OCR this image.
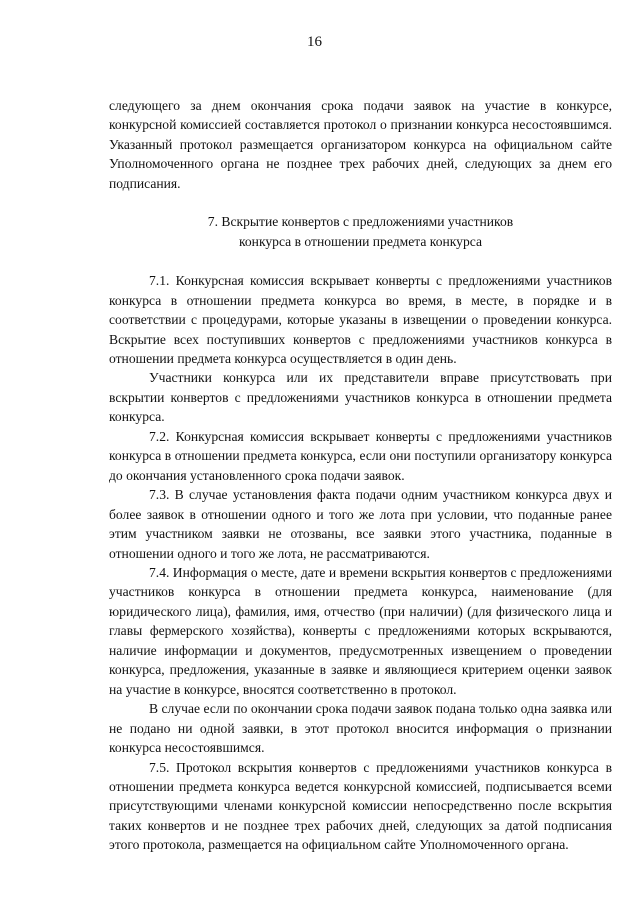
16

следующего за днем окончания срока подачи заявок на участие в конкурсе, конкурсной комиссией составляется протокол о признании конкурса несостоявшимся. Указанный протокол размещается организатором конкурса на официальном сайте Уполномоченного органа не позднее трех рабочих дней, следующих за днем его подписания.

7. Вскрытие конвертов с предложениями участников
конкурса в отношении предмета конкурса

7.1. Конкурсная комиссия вскрывает конверты с предложениями участников конкурса в отношении предмета конкурса во время, в месте, в порядке и в соответствии с процедурами, которые указаны в извещении о проведении конкурса. Вскрытие всех поступивших конвертов с предложениями участников конкурса в отношении предмета конкурса осуществляется в один день.

Участники конкурса или их представители вправе присутствовать при вскрытии конвертов с предложениями участников конкурса в отношении предмета конкурса.

7.2. Конкурсная комиссия вскрывает конверты с предложениями участников конкурса в отношении предмета конкурса, если они поступили организатору конкурса до окончания установленного срока подачи заявок.

7.3. В случае установления факта подачи одним участником конкурса двух и более заявок в отношении одного и того же лота при условии, что поданные ранее этим участником заявки не отозваны, все заявки этого участника, поданные в отношении одного и того же лота, не рассматриваются.

7.4. Информация о месте, дате и времени вскрытия конвертов с предложениями участников конкурса в отношении предмета конкурса, наименование (для юридического лица), фамилия, имя, отчество (при наличии) (для физического лица и главы фермерского хозяйства), конверты с предложениями которых вскрываются, наличие информации и документов, предусмотренных извещением о проведении конкурса, предложения, указанные в заявке и являющиеся критерием оценки заявок на участие в конкурсе, вносятся соответственно в протокол.

В случае если по окончании срока подачи заявок подана только одна заявка или не подано ни одной заявки, в этот протокол вносится информация о признании конкурса несостоявшимся.

7.5. Протокол вскрытия конвертов с предложениями участников конкурса в отношении предмета конкурса ведется конкурсной комиссией, подписывается всеми присутствующими членами конкурсной комиссии непосредственно после вскрытия таких конвертов и не позднее трех рабочих дней, следующих за датой подписания этого протокола, размещается на официальном сайте Уполномоченного органа.
